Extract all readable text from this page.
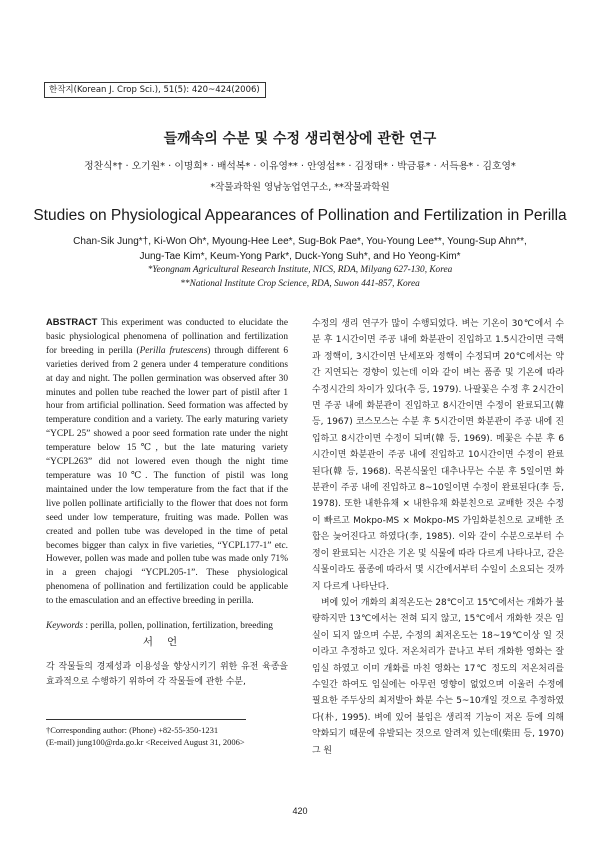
한작지(Korean J. Crop Sci.), 51(5): 420~424(2006)
들깨속의 수분 및 수정 생리현상에 관한 연구
정찬식*† · 오기원* · 이명희* · 배석복* · 이유영** · 안영섭** · 김정태* · 박금룡* · 서득용* · 김호영*
*작물과학원 영남농업연구소, **작물과학원
Studies on Physiological Appearances of Pollination and Fertilization in Perilla
Chan-Sik Jung*†, Ki-Won Oh*, Myoung-Hee Lee*, Sug-Bok Pae*, You-Young Lee**, Young-Sup Ahn**,
Jung-Tae Kim*, Keum-Yong Park*, Duck-Yong Suh*, and Ho Yeong-Kim*
*Yeongnam Agricultural Research Institute, NICS, RDA, Milyang 627-130, Korea
**National Institute Crop Science, RDA, Suwon 441-857, Korea

ABSTRACT This experiment was conducted to elucidate the basic physiological phenomena of pollination and fertilization for breeding in perilla (Perilla frutescens) through different 6 varieties derived from 2 genera under 4 temperature conditions at day and night. The pollen germination was observed after 30 minutes and pollen tube reached the lower part of pistil after 1 hour from artificial pollination. Seed formation was affected by temperature condition and a variety. The early maturing variety “YCPL 25” showed a poor seed formation rate under the night temperature below 15℃, but the late maturing variety “YCPL263” did not lowered even though the night time temperature was 10℃. The function of pistil was long maintained under the low temperature from the fact that if the live pollen pollinate artificially to the flower that does not form seed under low temperature, fruiting was made. Pollen was created and pollen tube was developed in the time of petal becomes bigger than calyx in five varieties, “YCPL177-1” etc. However, pollen was made and pollen tube was made only 71% in a green chajogi “YCPL205-1”. These physiological phenomena of pollination and fertilization could be applicable to the emasculation and an effective breeding in perilla.

Keywords : perilla, pollen, pollination, fertilization, breeding

서언
각 작물들의 경제성과 이용성을 향상시키기 위한 유전 육종을 효과적으로 수행하기 위하여 각 작물들에 관한 수분,
†Corresponding author: (Phone) +82-55-350-1231
(E-mail) jung100@rda.go.kr <Received August 31, 2006>

수정의 생리 연구가 많이 수행되었다. 벼는 기온이 30℃에서 수분 후 1시간이면 주공 내에 화분관이 진입하고 1.5시간이면 극핵과 정핵이, 3시간이면 난세포와 정핵이 수정되며 20℃에서는 약간 지연되는 경향이 있는데 이와 같이 벼는 품종 및 기온에 따라 수정시간의 차이가 있다(추 등, 1979). 나팔꽃은 수정 후 2시간이면 주공 내에 화분관이 진입하고 8시간이면 수정이 완료되고(韓 등, 1967) 코스모스는 수분 후 5시간이면 화분관이 주공 내에 진입하고 8시간이면 수정이 되며(韓 등, 1969). 메꽃은 수분 후 6시간이면 화분관이 주공 내에 진입하고 10시간이면 수정이 완료된다(韓 등, 1968). 목본식물인 대추나무는 수분 후 5일이면 화분관이 주공 내에 진입하고 8~10일이면 수정이 완료된다(李 등, 1978). 또한 내한유채 × 내한유채 화분친으로 교배한 것은 수정이 빠르고 Mokpo-MS × Mokpo-MS 가임화분친으로 교배한 조합은 늦어진다고 하였다(李, 1985). 이와 같이 수분으로부터 수정이 완료되는 시간은 기온 및 식물에 따라 다르게 나타나고, 같은 식물이라도 품종에 따라서 몇 시간에서부터 수일이 소요되는 것까지 다르게 나타난다.

벼에 있어 개화의 최적온도는 28℃이고 15℃에서는 개화가 불량하지만 13℃에서는 전혀 되지 않고, 15℃에서 개화한 것은 임실이 되지 않으며 수분, 수정의 최저온도는 18~19℃이상 일 것이라고 추정하고 있다. 저온처리가 끝나고 부터 개화한 영화는 잘 임실 하였고 이미 개화를 마친 영화는 17℃ 정도의 저온처리를 수일간 하여도 임실에는 아무런 영향이 없었으며 이울러 수정에 필요한 주두상의 최저발아 화분 수는 5~10개일 것으로 추정하였다(朴, 1995). 벼에 있어 불임은 생리적 기능이 저온 등에 의해 약화되기 때문에 유발되는 것으로 알려져 있는데(柴田 등, 1970) 그 원

420
